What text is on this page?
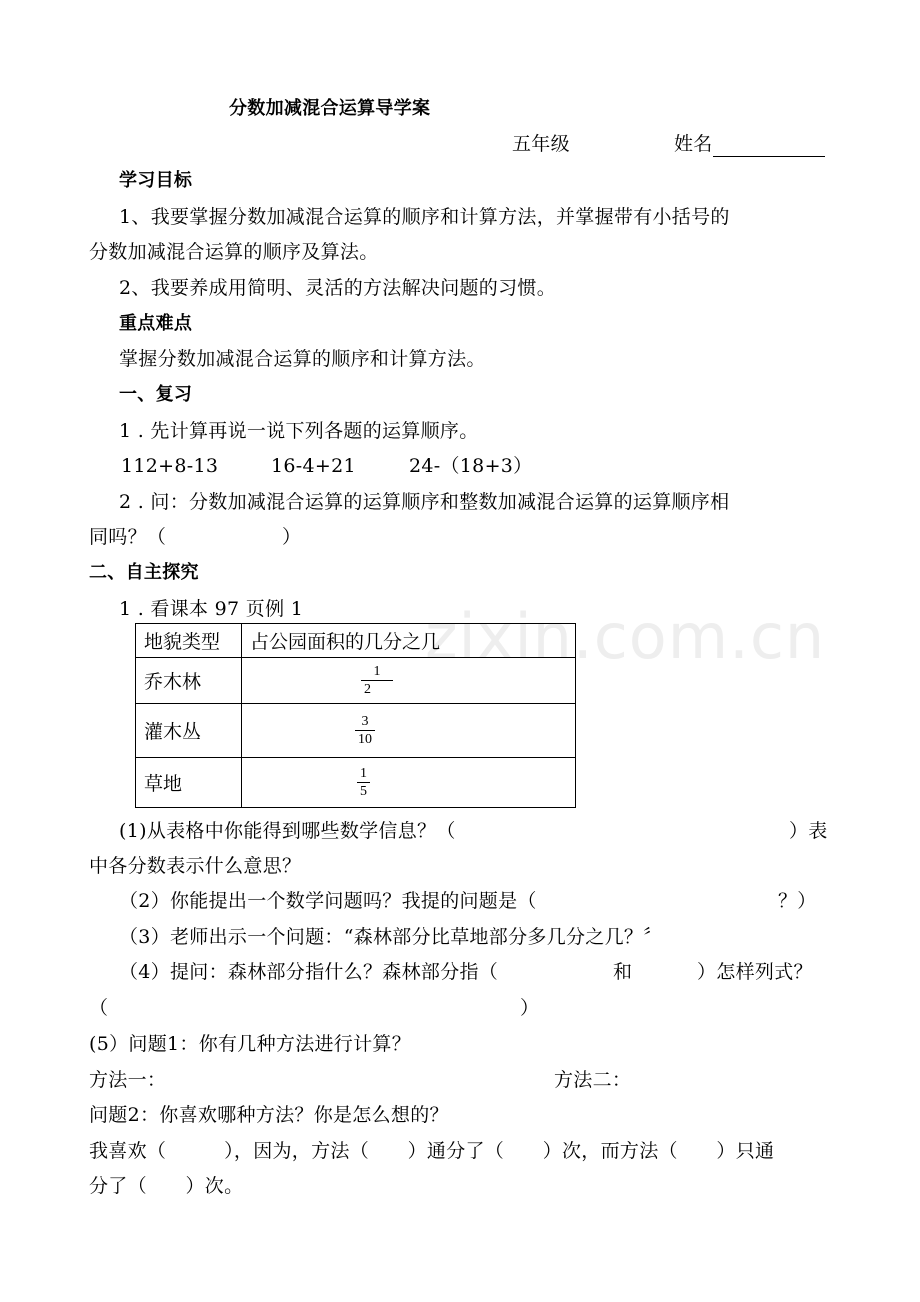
zixin.com.cn
分数加减混合运算导学案
五年级	姓名
学习目标
1、我要掌握分数加减混合运算的顺序和计算方法，并掌握带有小括号的
分数加减混合运算的顺序及算法。
2、我要养成用简明、灵活的方法解决问题的习惯。
重点难点
掌握分数加减混合运算的顺序和计算方法。
一、复习
1 . 先计算再说一说下列各题的运算顺序。
112+8-13	16-4+21	24-（18+3）
2 . 问：分数加减混合运算的运算顺序和整数加减混合运算的运算顺序相
同吗？（　　　　　　）
二、自主探究
1 . 看课本 97 页例 1
地貌类型	占公园面积的几分之几
乔木林	$\frac{1}{2}$

灌木丛	$\frac{3}{10}$

草地	$\frac{1}{5}$
(1)从表格中你能得到哪些数学信息？（	）表
中各分数表示什么意思？
（2）你能提出一个数学问题吗？我提的问题是（	？）
（3）老师出示一个问题：“森林部分比草地部分多几分之几？〞
（4）提问：森林部分指什么？森林部分指（	和	）怎样列式？
（	）
(5）问题1：你有几种方法进行计算？
方法一：	方法二：
问题2：你喜欢哪种方法？你是怎么想的？
我喜欢（　　　），因为，方法（　　）通分了（　　）次，而方法（　　）只通
分了（　　）次。
